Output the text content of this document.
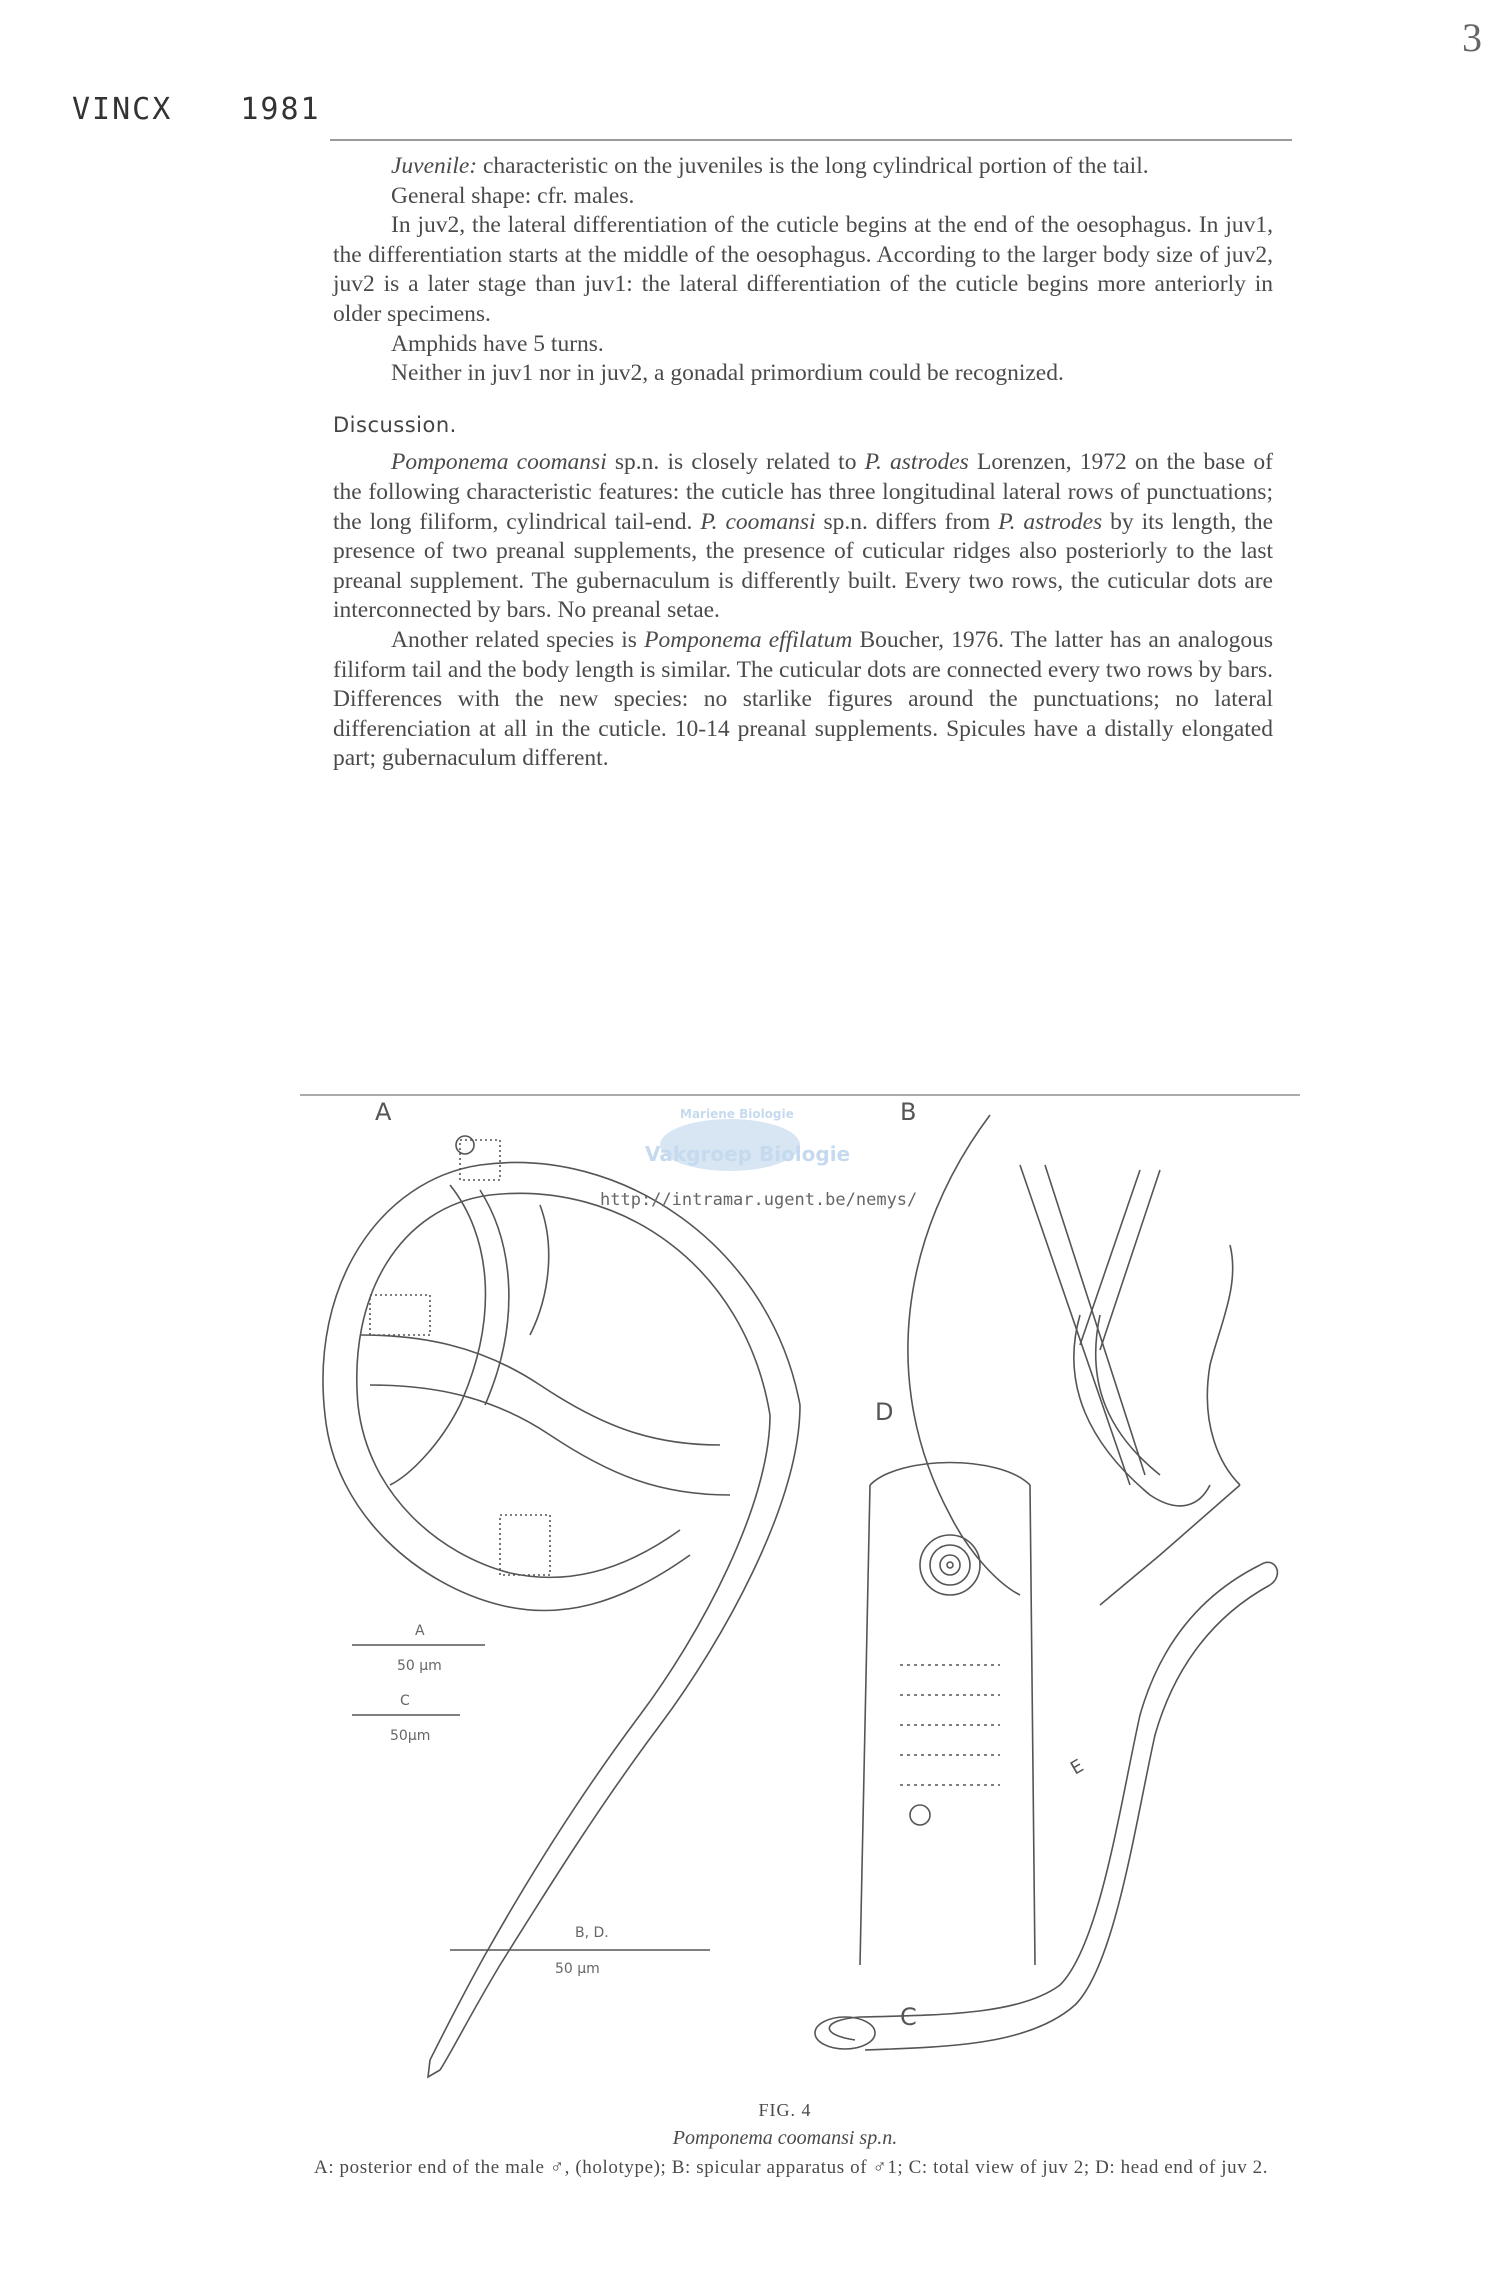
3
VINCX 1981

Juvenile: characteristic on the juveniles is the long cylindrical portion of the tail.

General shape: cfr. males.

In juv2, the lateral differentiation of the cuticle begins at the end of the oesophagus. In juv1, the differentiation starts at the middle of the oesophagus. According to the larger body size of juv2, juv2 is a later stage than juv1: the lateral differentiation of the cuticle begins more anteriorly in older specimens.

Amphids have 5 turns.

Neither in juv1 nor in juv2, a gonadal primordium could be recognized.

Discussion.

Pomponema coomansi sp.n. is closely related to P. astrodes Lorenzen, 1972 on the base of the following characteristic features: the cuticle has three longitudinal lateral rows of punctuations; the long filiform, cylindrical tail-end. P. coomansi sp.n. differs from P. astrodes by its length, the presence of two preanal supplements, the presence of cuticular ridges also posteriorly to the last preanal supplement. The gubernaculum is differently built. Every two rows, the cuticular dots are interconnected by bars. No preanal setae.

Another related species is Pomponema effilatum Boucher, 1976. The latter has an analogous filiform tail and the body length is similar. The cuticular dots are connected every two rows by bars. Differences with the new species: no starlike figures around the punctuations; no lateral differenciation at all in the cuticle. 10-14 preanal supplements. Spicules have a distally elongated part; gubernaculum different.

Mariene Biologie
Vakgroep Biologie
http://intramar.ugent.be/nemys/
A	B
C
D
E
A
50 μm
C
50μm
B, D.
50 μm
FIG. 4
Pomponema coomansi sp.n.
A: posterior end of the male ♂, (holotype); B: spicular apparatus of ♂1; C: total view of juv 2; D: head end of juv 2.
